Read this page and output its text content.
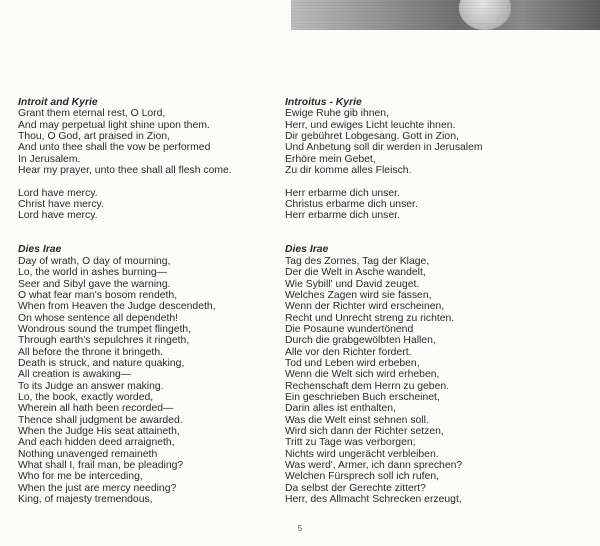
Introit and Kyrie

Grant them eternal rest, O Lord,

And may perpetual light shine upon them.

Thou, O God, art praised in Zion,

And unto thee shall the vow be performed

In Jerusalem.

Hear my prayer, unto thee shall all flesh come.

Lord have mercy.

Christ have mercy.

Lord have mercy.

Dies Irae

Day of wrath, O day of mourning,

Lo, the world in ashes burning—

Seer and Sibyl gave the warning.

O what fear man's bosom rendeth,

When from Heaven the Judge descendeth,

On whose sentence all dependeth!

Wondrous sound the trumpet flingeth,

Through earth's sepulchres it ringeth,

All before the throne it bringeth.

Death is struck, and nature quaking,

All creation is awaking—

To its Judge an answer making.

Lo, the book, exactly worded,

Wherein all hath been recorded—

Thence shall judgment be awarded.

When the Judge His seat attaineth,

And each hidden deed arraigneth,

Nothing unavenged remaineth

What shall I, frail man, be pleading?

Who for me be interceding,

When the just are mercy needing?

King, of majesty tremendous,

Introitus - Kyrie

Ewige Ruhe gib ihnen,

Herr, und ewiges Licht leuchte ihnen.

Dir gebühret Lobgesang. Gott in Zion,

Und Anbetung soll dir werden in Jerusalem

Erhöre mein Gebet,

Zu dir komme alles Fleisch.

Herr erbarme dich unser.

Christus erbarme dich unser.

Herr erbarme dich unser.

Dies Irae

Tag des Zornes, Tag der Klage,

Der die Welt in Asche wandelt,

Wie Sybill' und David zeuget.

Welches Zagen wird sie fassen,

Wenn der Richter wird erscheinen,

Recht und Unrecht streng zu richten.

Die Posaune wundertönend

Durch die grabgewölbten Hallen,

Alle vor den Richter fordert.

Tod und Leben wird erbeben,

Wenn die Welt sich wird erheben,

Rechenschaft dem Herrn zu geben.

Ein geschrieben Buch erscheinet,

Darin alles ist enthalten,

Was die Welt einst sehnen soll.

Wird sich dann der Richter setzen,

Tritt zu Tage was verborgen;

Nichts wird ungerächt verbleiben.

Was werd', Armer, ich dann sprechen?

Welchen Fürsprech soll ich rufen,

Da selbst der Gerechte zittert?

Herr, des Allmacht Schrecken erzeugt,

5
